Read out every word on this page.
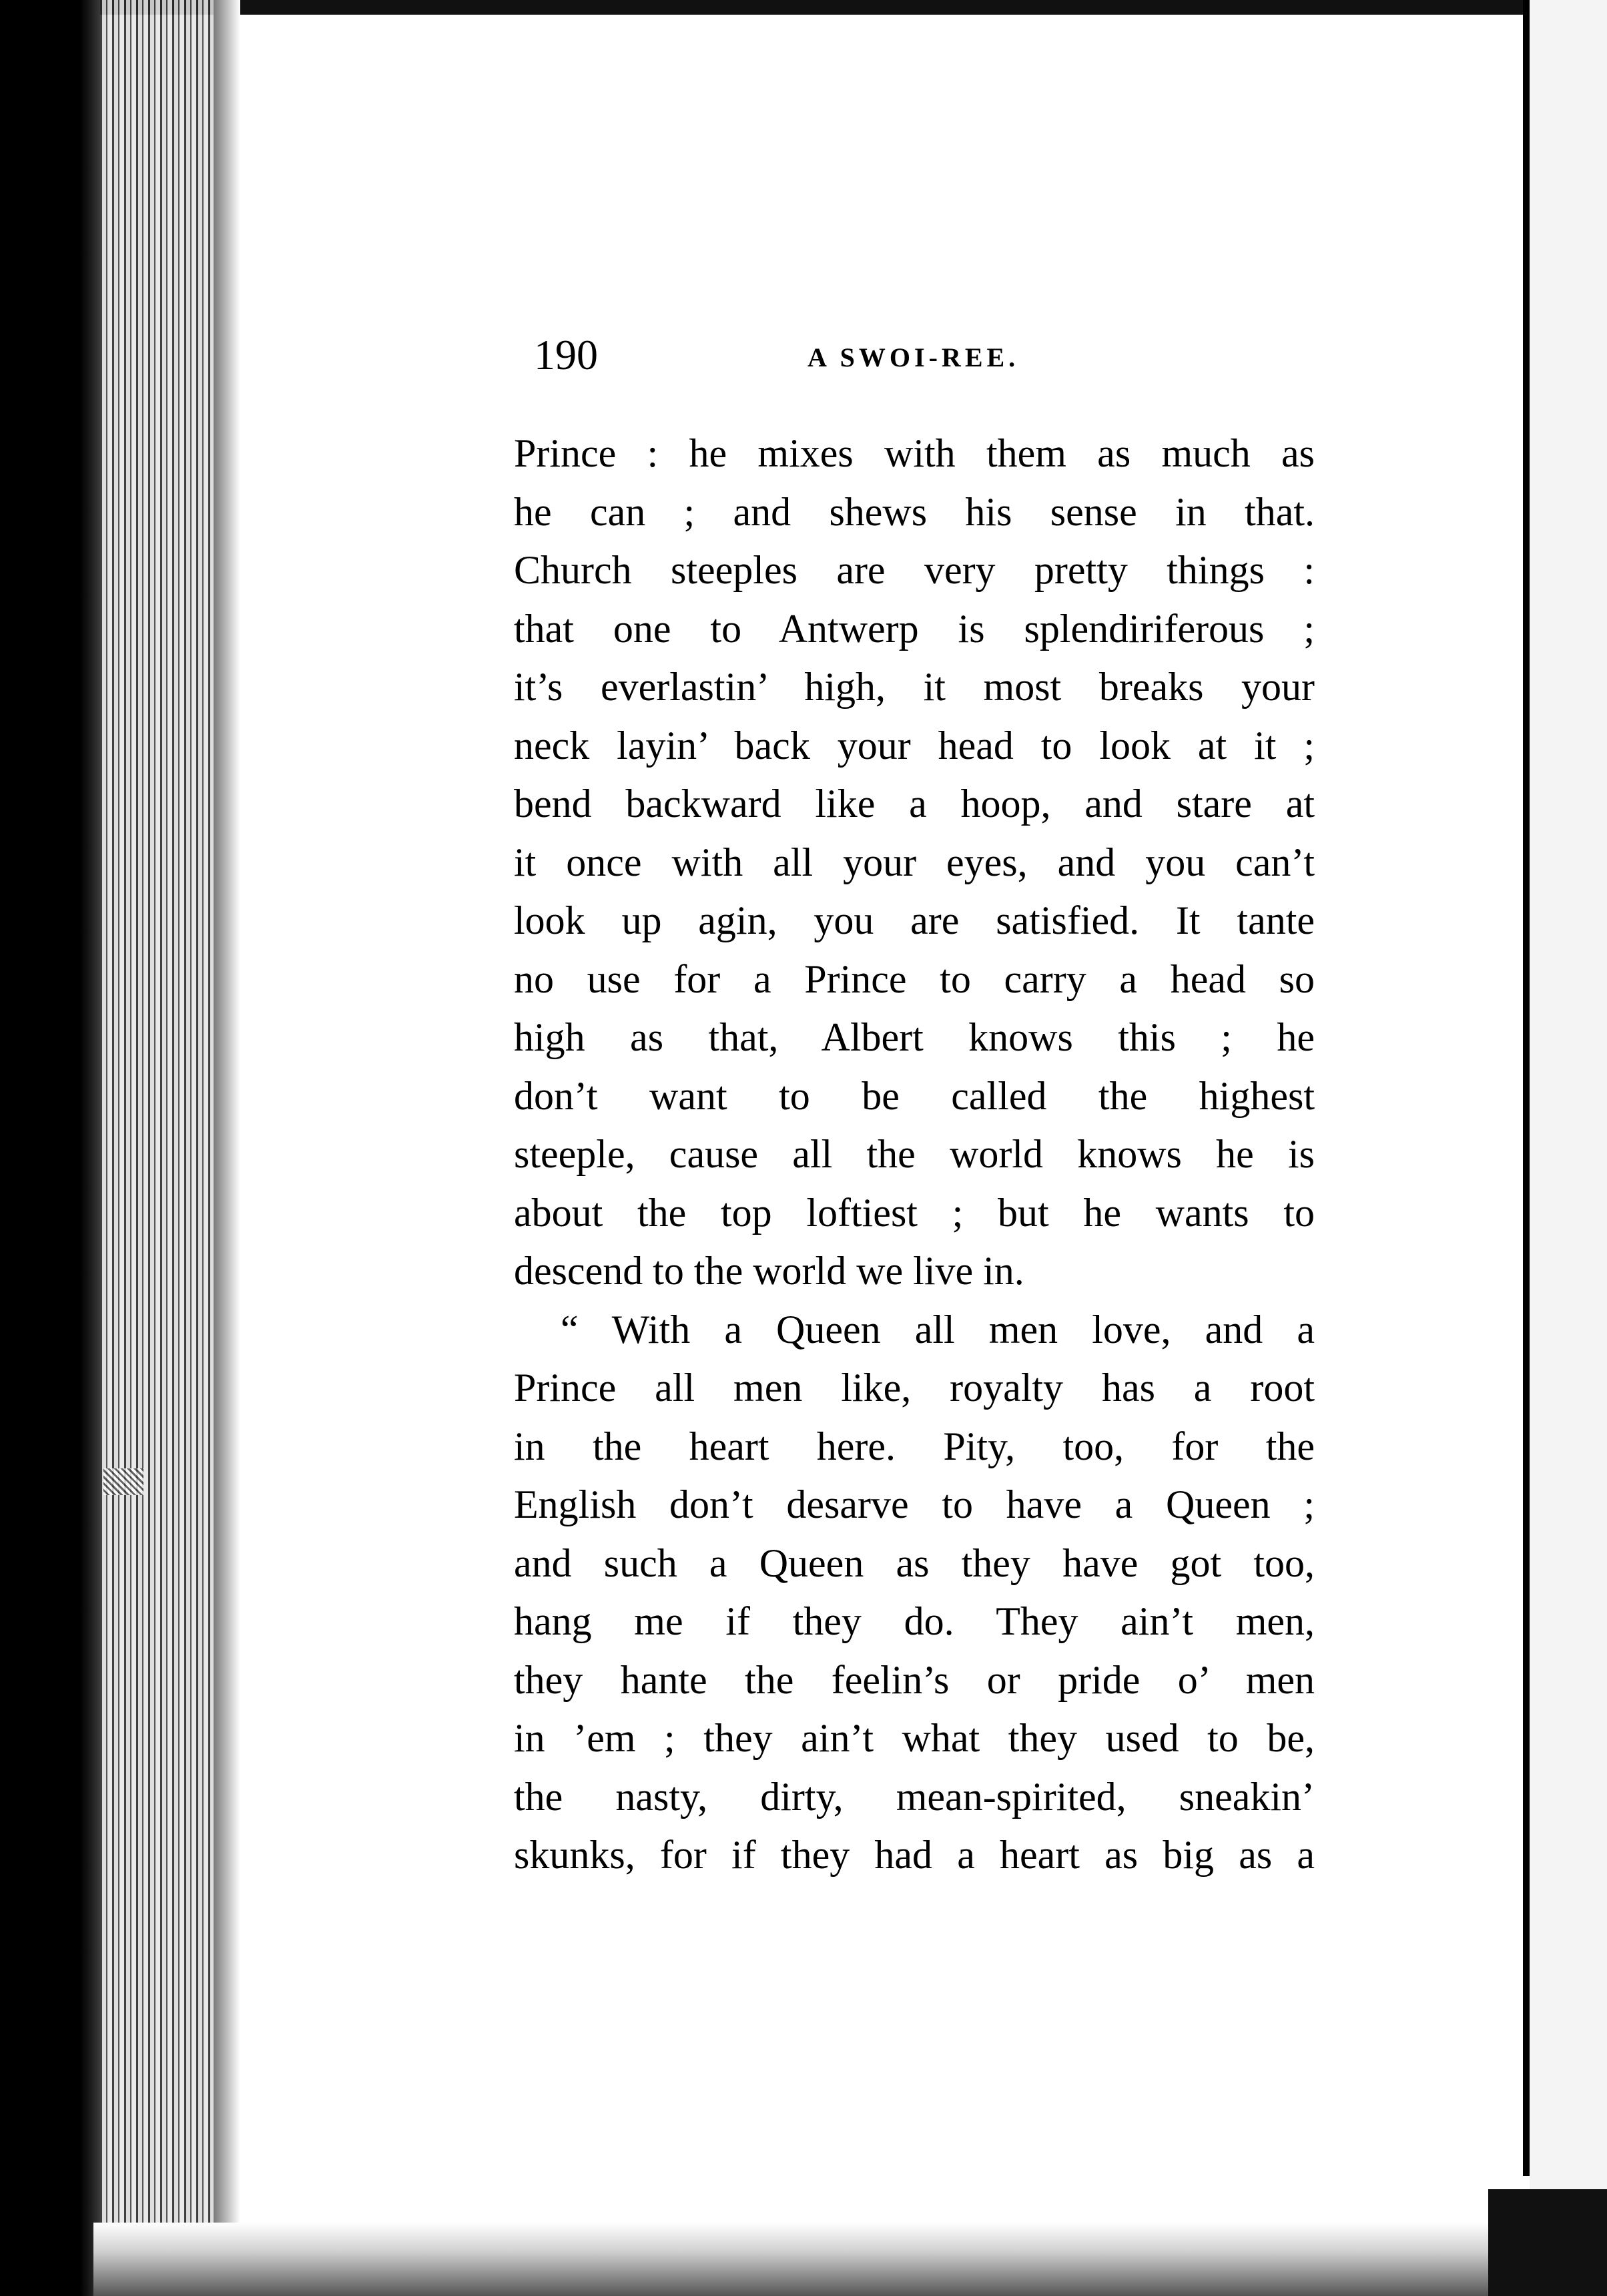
190	A SWOI-REE.
Prince : he mixes with them as much as
he can ; and shews his sense in that.
Church steeples are very pretty things :
that one to Antwerp is splendiriferous ;
it’s everlastin’ high, it most breaks your
neck layin’ back your head to look at it ;
bend backward like a hoop, and stare at
it once with all your eyes, and you can’t
look up agin, you are satisfied. It tante
no use for a Prince to carry a head so
high as that, Albert knows this ; he
don’t want to be called the highest
steeple, cause all the world knows he is
about the top loftiest ; but he wants to
descend to the world we live in.
“ With a Queen all men love, and a
Prince all men like, royalty has a root
in the heart here. Pity, too, for the
English don’t desarve to have a Queen ;
and such a Queen as they have got too,
hang me if they do. They ain’t men,
they hante the feelin’s or pride o’ men
in ’em ; they ain’t what they used to be,
the nasty, dirty, mean-spirited, sneakin’
skunks, for if they had a heart as big as a
